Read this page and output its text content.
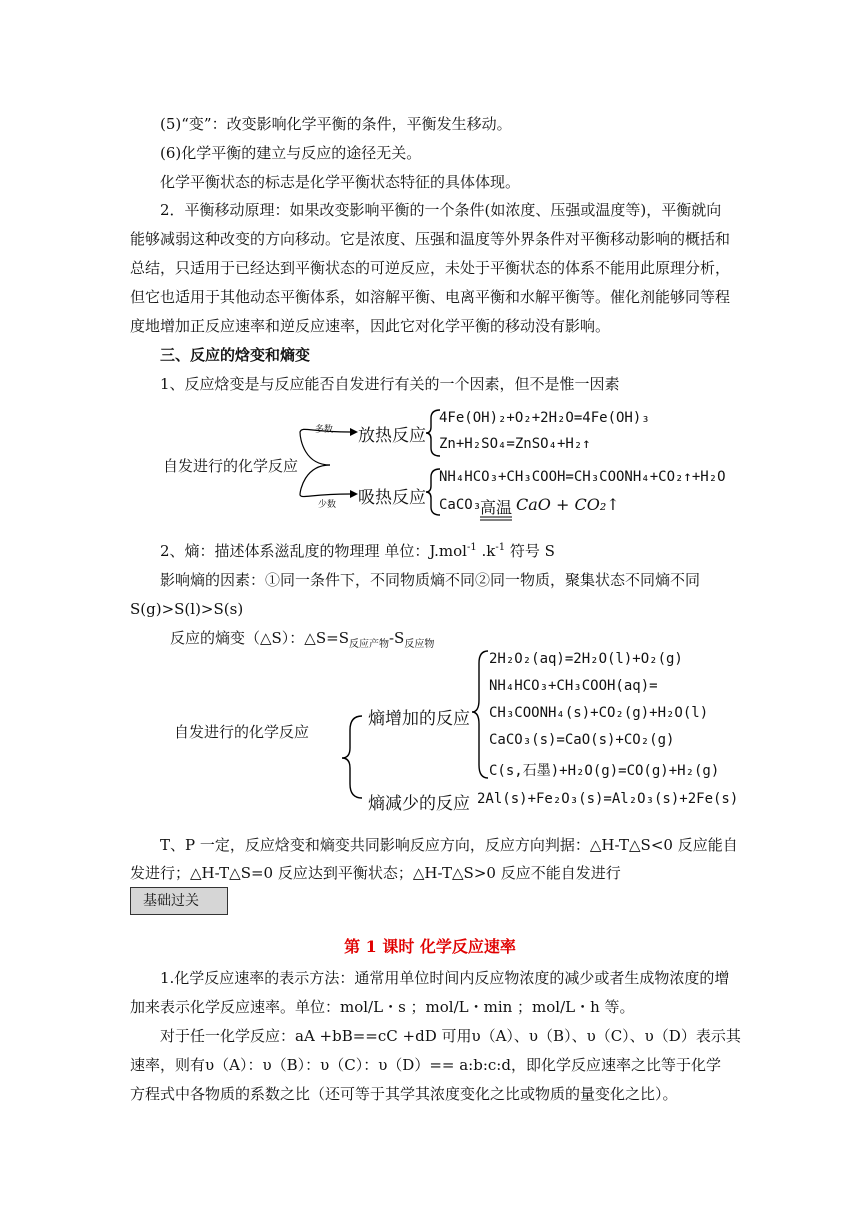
(5)“变”：改变影响化学平衡的条件，平衡发生移动。

(6)化学平衡的建立与反应的途径无关。

化学平衡状态的标志是化学平衡状态特征的具体体现。

2．平衡移动原理：如果改变影响平衡的一个条件(如浓度、压强或温度等)，平衡就向

能够减弱这种改变的方向移动。它是浓度、压强和温度等外界条件对平衡移动影响的概括和

总结，只适用于已经达到平衡状态的可逆反应，未处于平衡状态的体系不能用此原理分析，

但它也适用于其他动态平衡体系，如溶解平衡、电离平衡和水解平衡等。催化剂能够同等程

度地增加正反应速率和逆反应速率，因此它对化学平衡的移动没有影响。

三、反应的焓变和熵变

1、反应焓变是与反应能否自发进行有关的一个因素，但不是惟一因素

多数
少数
自发进行的化学反应
放热反应
吸热反应
4Fe(OH)₂+O₂+2H₂O=4Fe(OH)₃
Zn+H₂SO₄=ZnSO₄+H₂↑
NH₄HCO₃+CH₃COOH=CH₃COONH₄+CO₂↑+H₂O
CaCO₃
高温 CaO + CO₂↑

2、熵：描述体系滋乱度的物理理 单位：J.mol$^{-1}$ $.k^{-1}$ 符号 S

影响熵的因素：①同一条件下，不同物质熵不同②同一物质，聚集状态不同熵不同

S(g)>S(l)>S(s)

反应的熵变（△S）：$\triangle S=S_{反应产物}-S_{反应物}$

自发进行的化学反应
熵增加的反应
熵减少的反应
2H₂O₂(aq)=2H₂O(l)+O₂(g)
NH₄HCO₃+CH₃COOH(aq)=
CH₃COONH₄(s)+CO₂(g)+H₂O(l)
CaCO₃(s)=CaO(s)+CO₂(g)
C(s,石墨)+H₂O(g)=CO(g)+H₂(g)
2Al(s)+Fe₂O₃(s)=Al₂O₃(s)+2Fe(s)

T、P 一定，反应焓变和熵变共同影响反应方向，反应方向判据：△H-T△S<0 反应能自

发进行；△H-T△S=0 反应达到平衡状态；△H-T△S>0 反应不能自发进行

基础过关
第 1 课时 化学反应速率

1.化学反应速率的表示方法：通常用单位时间内反应物浓度的减少或者生成物浓度的增

加来表示化学反应速率。单位：mol/L・s ；mol/L・min ；mol/L・h 等。

对于任一化学反应：aA +bB==cC +dD 可用υ（A）、υ（B）、υ（C）、υ（D）表示其

速率，则有υ（A）：υ（B）：υ（C）：υ（D）== a:b:c:d，即化学反应速率之比等于化学

方程式中各物质的系数之比（还可等于其学其浓度变化之比或物质的量变化之比）。
